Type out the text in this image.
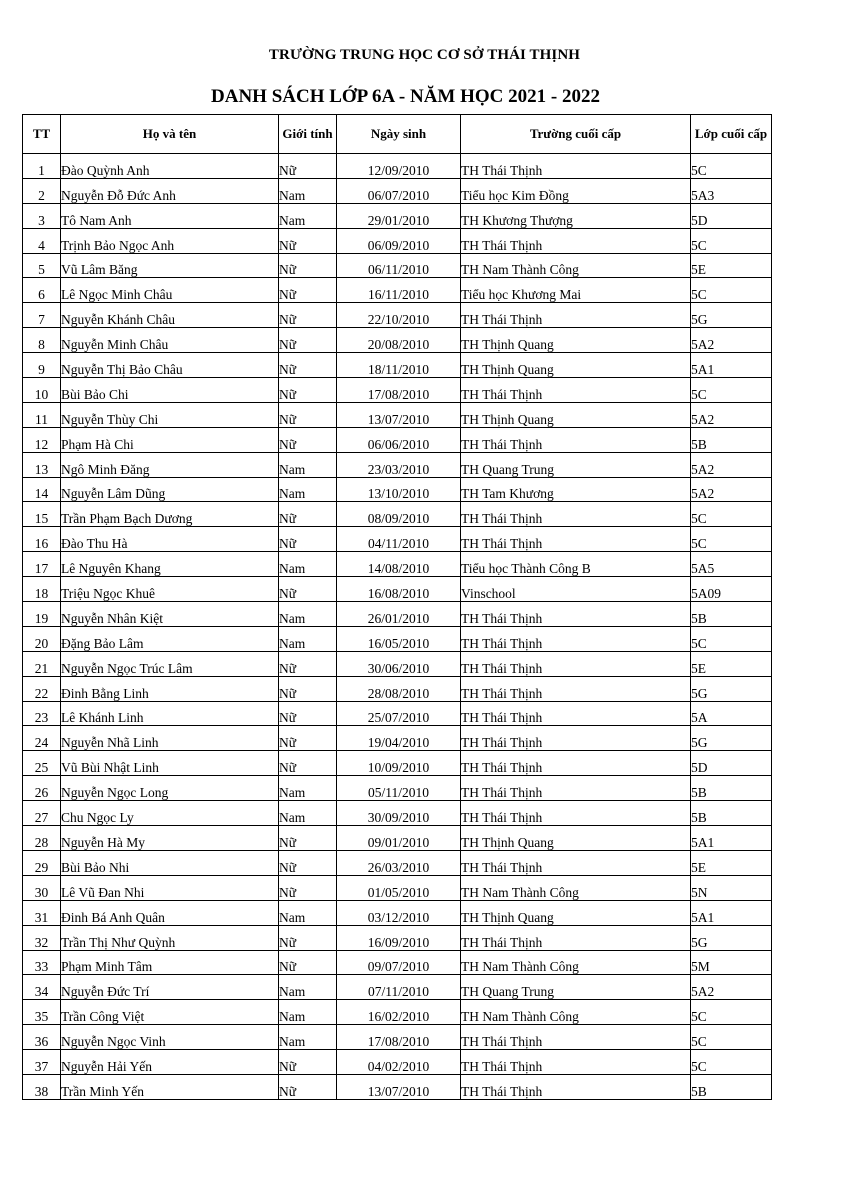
TRƯỜNG TRUNG HỌC CƠ SỞ THÁI THỊNH
DANH SÁCH LỚP 6A - NĂM HỌC 2021 - 2022
TT	Họ và tên	Giới tính	Ngày sinh	Trường cuối cấp	Lớp cuối cấp
1	Đào Quỳnh Anh	Nữ	12/09/2010	TH Thái Thịnh	5C
2	Nguyễn Đỗ Đức Anh	Nam	06/07/2010	Tiểu học Kim Đồng	5A3
3	Tô Nam Anh	Nam	29/01/2010	TH Khương Thượng	5D
4	Trịnh Bảo Ngọc Anh	Nữ	06/09/2010	TH Thái Thịnh	5C
5	Vũ Lâm Băng	Nữ	06/11/2010	TH Nam Thành Công	5E
6	Lê Ngọc Minh Châu	Nữ	16/11/2010	Tiểu học Khương Mai	5C
7	Nguyễn Khánh Châu	Nữ	22/10/2010	TH Thái Thịnh	5G
8	Nguyễn Minh Châu	Nữ	20/08/2010	TH Thịnh Quang	5A2
9	Nguyễn Thị Bảo Châu	Nữ	18/11/2010	TH Thịnh Quang	5A1
10	Bùi Bảo Chi	Nữ	17/08/2010	TH Thái Thịnh	5C
11	Nguyễn Thùy Chi	Nữ	13/07/2010	TH Thịnh Quang	5A2
12	Phạm Hà Chi	Nữ	06/06/2010	TH Thái Thịnh	5B
13	Ngô Minh Đăng	Nam	23/03/2010	TH Quang Trung	5A2
14	Nguyễn Lâm Dũng	Nam	13/10/2010	TH Tam Khương	5A2
15	Trần Phạm Bạch Dương	Nữ	08/09/2010	TH Thái Thịnh	5C
16	Đào Thu Hà	Nữ	04/11/2010	TH Thái Thịnh	5C
17	Lê Nguyên Khang	Nam	14/08/2010	Tiểu học Thành Công B	5A5
18	Triệu Ngọc Khuê	Nữ	16/08/2010	Vinschool	5A09
19	Nguyễn Nhân Kiệt	Nam	26/01/2010	TH Thái Thịnh	5B
20	Đặng Bảo Lâm	Nam	16/05/2010	TH Thái Thịnh	5C
21	Nguyễn Ngọc Trúc Lâm	Nữ	30/06/2010	TH Thái Thịnh	5E
22	Đinh Bằng Linh	Nữ	28/08/2010	TH Thái Thịnh	5G
23	Lê Khánh Linh	Nữ	25/07/2010	TH Thái Thịnh	5A
24	Nguyễn Nhã Linh	Nữ	19/04/2010	TH Thái Thịnh	5G
25	Vũ Bùi Nhật Linh	Nữ	10/09/2010	TH Thái Thịnh	5D
26	Nguyễn Ngọc Long	Nam	05/11/2010	TH Thái Thịnh	5B
27	Chu Ngọc Ly	Nam	30/09/2010	TH Thái Thịnh	5B
28	Nguyễn Hà My	Nữ	09/01/2010	TH Thịnh Quang	5A1
29	Bùi Bảo Nhi	Nữ	26/03/2010	TH Thái Thịnh	5E
30	Lê Vũ Đan Nhi	Nữ	01/05/2010	TH Nam Thành Công	5N
31	Đinh Bá Anh Quân	Nam	03/12/2010	TH Thịnh Quang	5A1
32	Trần Thị Như Quỳnh	Nữ	16/09/2010	TH Thái Thịnh	5G
33	Phạm Minh Tâm	Nữ	09/07/2010	TH Nam Thành Công	5M
34	Nguyễn Đức Trí	Nam	07/11/2010	TH Quang Trung	5A2
35	Trần Công Việt	Nam	16/02/2010	TH Nam Thành Công	5C
36	Nguyễn Ngọc Vinh	Nam	17/08/2010	TH Thái Thịnh	5C
37	Nguyễn Hải Yến	Nữ	04/02/2010	TH Thái Thịnh	5C
38	Trần Minh Yến	Nữ	13/07/2010	TH Thái Thịnh	5B
